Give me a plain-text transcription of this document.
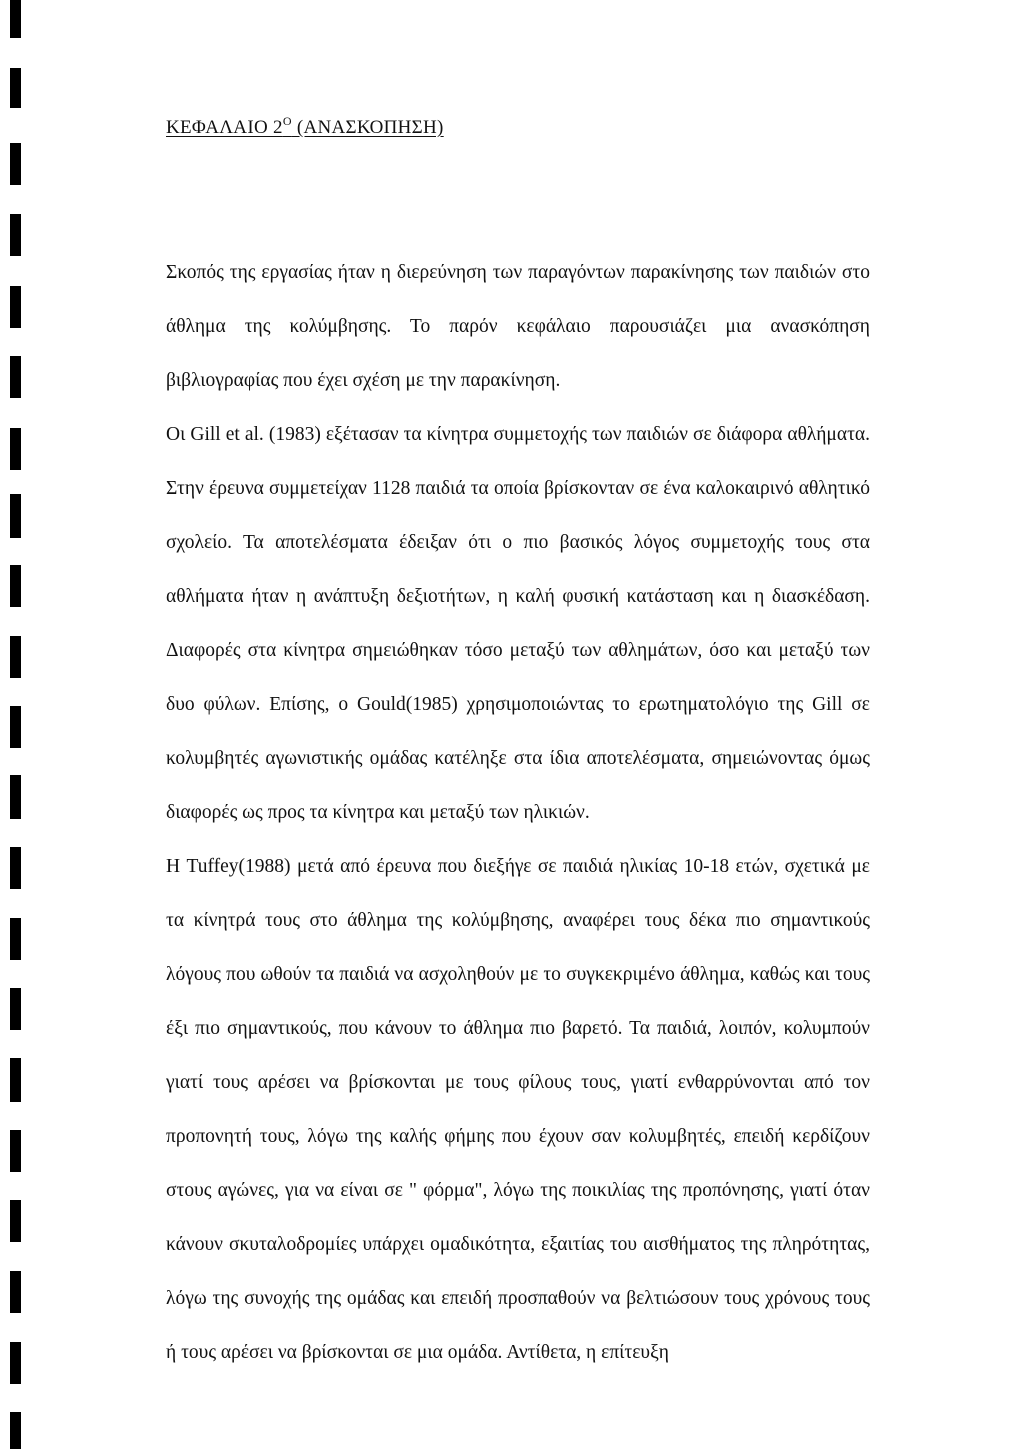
ΚΕΦΑΛΑΙΟ $2^O$ (ΑΝΑΣΚΟΠΗΣΗ)

Σκοπός της εργασίας ήταν η διερεύνηση των παραγόντων παρακίνησης των παιδιών στο άθλημα της κολύμβησης. Το παρόν κεφάλαιο παρουσιάζει μια ανασκόπηση βιβλιογραφίας που έχει σχέση με την παρακίνηση.

Οι Gill et al. (1983) εξέτασαν τα κίνητρα συμμετοχής των παιδιών σε διάφορα αθλήματα. Στην έρευνα συμμετείχαν 1128 παιδιά τα οποία βρίσκονταν σε ένα καλοκαιρινό αθλητικό σχολείο. Τα αποτελέσματα έδειξαν ότι ο πιο βασικός λόγος συμμετοχής τους στα αθλήματα ήταν η ανάπτυξη δεξιοτήτων, η καλή φυσική κατάσταση και η διασκέδαση. Διαφορές στα κίνητρα σημειώθηκαν τόσο μεταξύ των αθλημάτων, όσο και μεταξύ των δυο φύλων. Επίσης, ο Gould(1985) χρησιμοποιώντας το ερωτηματολόγιο της Gill σε κολυμβητές αγωνιστικής ομάδας κατέληξε στα ίδια αποτελέσματα, σημειώνοντας όμως διαφορές ως προς τα κίνητρα και μεταξύ των ηλικιών.

Η Tuffey(1988) μετά από έρευνα που διεξήγε σε παιδιά ηλικίας 10-18 ετών, σχετικά με τα κίνητρά τους στο άθλημα της κολύμβησης, αναφέρει τους δέκα πιο σημαντικούς λόγους που ωθούν τα παιδιά να ασχοληθούν με το συγκεκριμένο άθλημα, καθώς και τους έξι πιο σημαντικούς, που κάνουν το άθλημα πιο βαρετό. Τα παιδιά, λοιπόν, κολυμπούν γιατί τους αρέσει να βρίσκονται με τους φίλους τους, γιατί ενθαρρύνονται από τον προπονητή τους, λόγω της καλής φήμης που έχουν σαν κολυμβητές, επειδή κερδίζουν στους αγώνες, για να είναι σε " φόρμα", λόγω της ποικιλίας της προπόνησης, γιατί όταν κάνουν σκυταλοδρομίες υπάρχει ομαδικότητα, εξαιτίας του αισθήματος της πληρότητας, λόγω της συνοχής της ομάδας και επειδή προσπαθούν να βελτιώσουν τους χρόνους τους ή τους αρέσει να βρίσκονται σε μια ομάδα. Αντίθετα, η επίτευξη
